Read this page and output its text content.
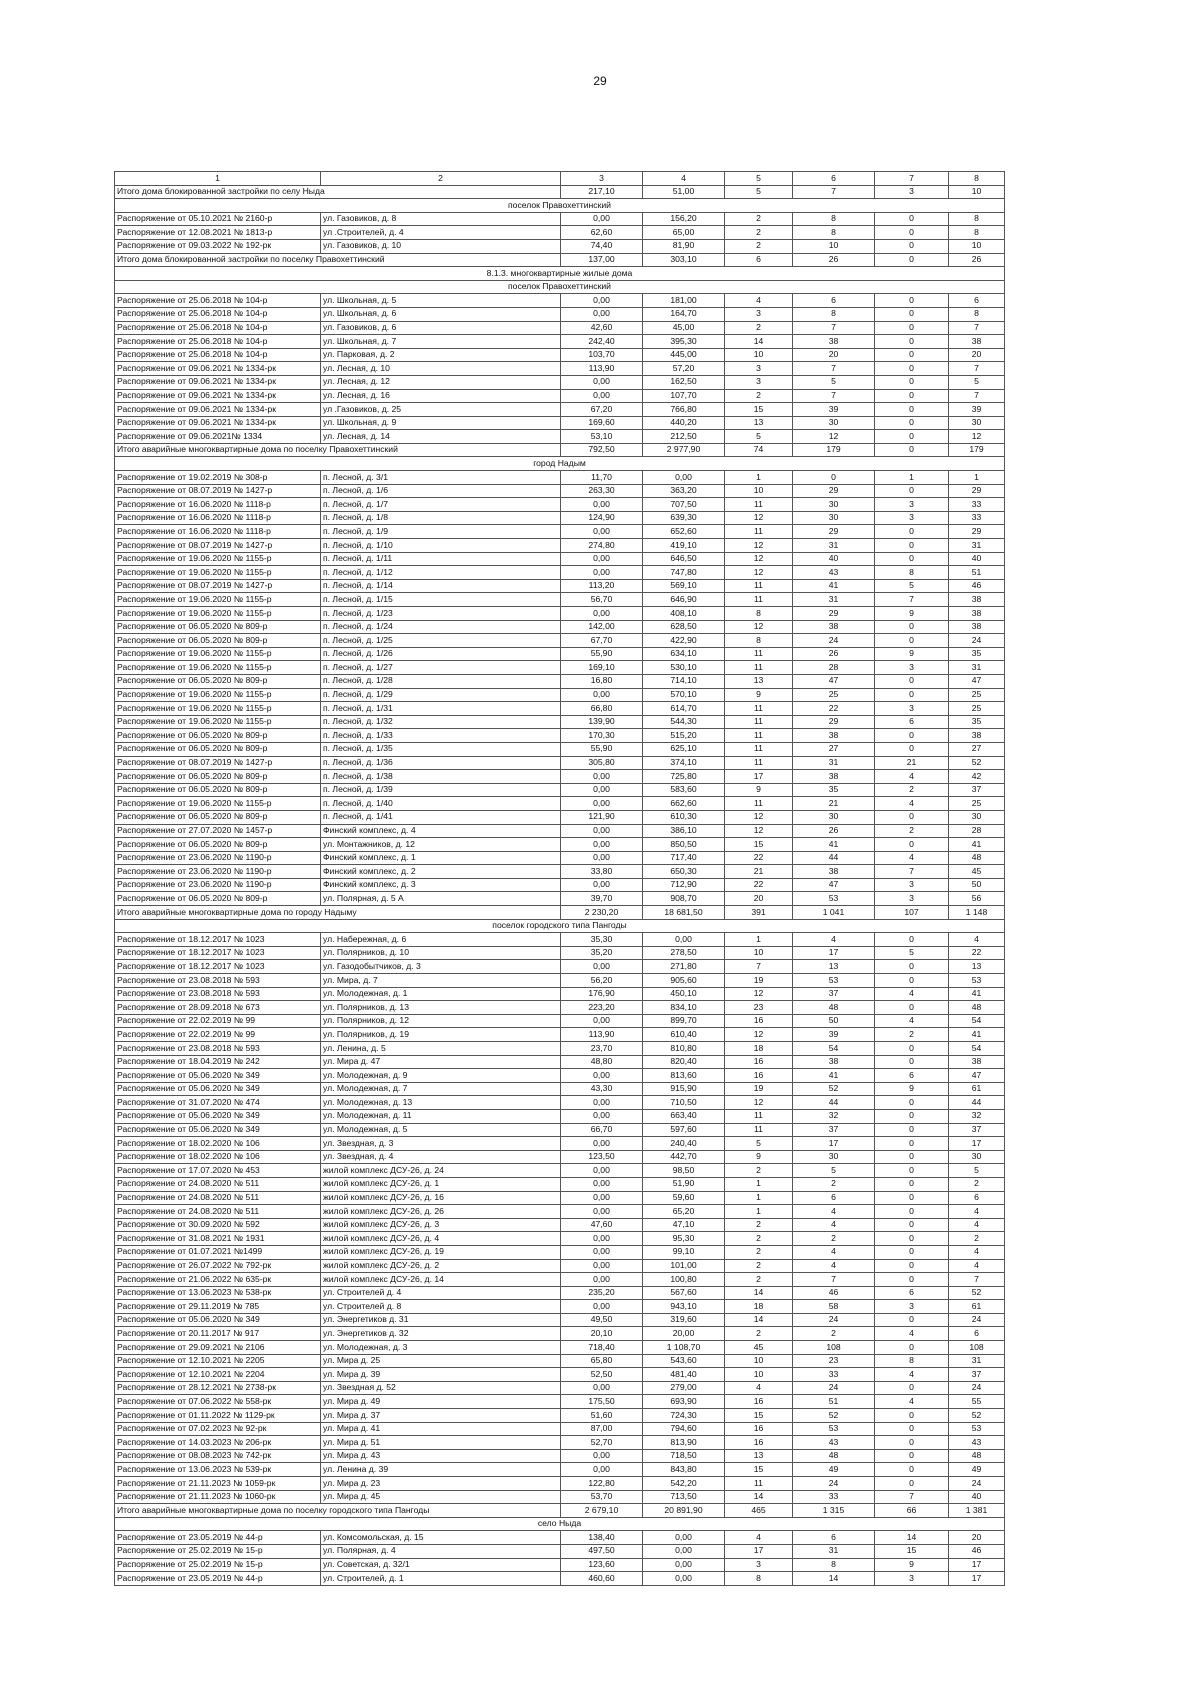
29
1	2	3	4	5	6	7	8
Итого дома блокированной застройки по селу Ныда		217,10	51,00	5	7	3	10
поселок Правохеттинский							
Распоряжение от 05.10.2021 № 2160-р	ул. Газовиков, д. 8	0,00	156,20	2	8	0	8
Распоряжение от 12.08.2021 № 1813-р	ул .Строителей, д. 4	62,60	65,00	2	8	0	8
Распоряжение от 09.03.2022 № 192-рк	ул. Газовиков, д. 10	74,40	81,90	2	10	0	10
Итого дома блокированной застройки по поселку Правохеттинский		137,00	303,10	6	26	0	26
8.1.3. многоквартирные жилые дома							
поселок Правохеттинский							
Распоряжение от 25.06.2018 № 104-р	ул. Школьная, д. 5	0,00	181,00	4	6	0	6
Распоряжение от 25.06.2018 № 104-р	ул. Школьная, д. 6	0,00	164,70	3	8	0	8
Распоряжение от 25.06.2018 № 104-р	ул. Газовиков, д. 6	42,60	45,00	2	7	0	7
Распоряжение от 25.06.2018 № 104-р	ул. Школьная, д. 7	242,40	395,30	14	38	0	38
Распоряжение от 25.06.2018 № 104-р	ул. Парковая, д. 2	103,70	445,00	10	20	0	20
Распоряжение от 09.06.2021 № 1334-рк	ул. Лесная, д. 10	113,90	57,20	3	7	0	7
Распоряжение от 09.06.2021 № 1334-рк	ул. Лесная, д. 12	0,00	162,50	3	5	0	5
Распоряжение от 09.06.2021 № 1334-рк	ул. Лесная, д. 16	0,00	107,70	2	7	0	7
Распоряжение от 09.06.2021 № 1334-рк	ул .Газовиков, д. 25	67,20	766,80	15	39	0	39
Распоряжение от 09.06.2021 № 1334-рк	ул. Школьная, д. 9	169,60	440,20	13	30	0	30
Распоряжение от 09.06.2021№ 1334	ул. Лесная, д. 14	53,10	212,50	5	12	0	12
Итого аварийные многоквартирные дома по поселку Правохеттинский		792,50	2 977,90	74	179	0	179
город Надым							
Распоряжение от 19.02.2019 № 308-р	п. Лесной, д. 3/1	11,70	0,00	1	0	1	1
Распоряжение от 08.07.2019 № 1427-р	п. Лесной, д. 1/6	263,30	363,20	10	29	0	29
Распоряжение от 16.06.2020 № 1118-р	п. Лесной, д. 1/7	0,00	707,50	11	30	3	33
Распоряжение от 16.06.2020 № 1118-р	п. Лесной, д. 1/8	124,90	639,30	12	30	3	33
Распоряжение от 16.06.2020 № 1118-р	п. Лесной, д. 1/9	0,00	652,60	11	29	0	29
Распоряжение от 08.07.2019 № 1427-р	п. Лесной, д. 1/10	274,80	419,10	12	31	0	31
Распоряжение от 19.06.2020 № 1155-р	п. Лесной, д. 1/11	0,00	646,50	12	40	0	40
Распоряжение от 19.06.2020 № 1155-р	п. Лесной, д. 1/12	0,00	747,80	12	43	8	51
Распоряжение от 08.07.2019 № 1427-р	п. Лесной, д. 1/14	113,20	569,10	11	41	5	46
Распоряжение от 19.06.2020 № 1155-р	п. Лесной, д. 1/15	56,70	646,90	11	31	7	38
Распоряжение от 19.06.2020 № 1155-р	п. Лесной, д. 1/23	0,00	408,10	8	29	9	38
Распоряжение от 06.05.2020 № 809-р	п. Лесной, д. 1/24	142,00	628,50	12	38	0	38
Распоряжение от 06.05.2020 № 809-р	п. Лесной, д. 1/25	67,70	422,90	8	24	0	24
Распоряжение от 19.06.2020 № 1155-р	п. Лесной, д. 1/26	55,90	634,10	11	26	9	35
Распоряжение от 19.06.2020 № 1155-р	п. Лесной, д. 1/27	169,10	530,10	11	28	3	31
Распоряжение от 06.05.2020 № 809-р	п. Лесной, д. 1/28	16,80	714,10	13	47	0	47
Распоряжение от 19.06.2020 № 1155-р	п. Лесной, д. 1/29	0,00	570,10	9	25	0	25
Распоряжение от 19.06.2020 № 1155-р	п. Лесной, д. 1/31	66,80	614,70	11	22	3	25
Распоряжение от 19.06.2020 № 1155-р	п. Лесной, д. 1/32	139,90	544,30	11	29	6	35
Распоряжение от 06.05.2020 № 809-р	п. Лесной, д. 1/33	170,30	515,20	11	38	0	38
Распоряжение от 06.05.2020 № 809-р	п. Лесной, д. 1/35	55,90	625,10	11	27	0	27
Распоряжение от 08.07.2019 № 1427-р	п. Лесной, д. 1/36	305,80	374,10	11	31	21	52
Распоряжение от 06.05.2020 № 809-р	п. Лесной, д. 1/38	0,00	725,80	17	38	4	42
Распоряжение от 06.05.2020 № 809-р	п. Лесной, д. 1/39	0,00	583,60	9	35	2	37
Распоряжение от 19.06.2020 № 1155-р	п. Лесной, д. 1/40	0,00	662,60	11	21	4	25
Распоряжение от 06.05.2020 № 809-р	п. Лесной, д. 1/41	121,90	610,30	12	30	0	30
Распоряжение от 27.07.2020 № 1457-р	Финский комплекс, д. 4	0,00	386,10	12	26	2	28
Распоряжение от 06.05.2020 № 809-р	ул. Монтажников, д. 12	0,00	850,50	15	41	0	41
Распоряжение от 23.06.2020 № 1190-р	Финский комплекс, д. 1	0,00	717,40	22	44	4	48
Распоряжение от 23.06.2020 № 1190-р	Финский комплекс, д. 2	33,80	650,30	21	38	7	45
Распоряжение от 23.06.2020 № 1190-р	Финский комплекс, д. 3	0,00	712,90	22	47	3	50
Распоряжение от 06.05.2020 № 809-р	ул. Полярная, д. 5 А	39,70	908,70	20	53	3	56
Итого аварийные многоквартирные дома по городу Надыму		2 230,20	18 681,50	391	1 041	107	1 148
поселок городского типа Пангоды							
Распоряжение от 18.12.2017 № 1023	ул. Набережная, д. 6	35,30	0,00	1	4	0	4
Распоряжение от 18.12.2017 № 1023	ул. Полярников, д. 10	35,20	278,50	10	17	5	22
Распоряжение от 18.12.2017 № 1023	ул. Газодобытчиков, д. 3	0,00	271,80	7	13	0	13
Распоряжение от 23.08.2018 № 593	ул. Мира, д. 7	56,20	905,60	19	53	0	53
Распоряжение от 23.08.2018 № 593	ул. Молодежная, д. 1	176,90	450,10	12	37	4	41
Распоряжение от 28.09.2018 № 673	ул. Полярников, д. 13	223,20	834,10	23	48	0	48
Распоряжение от 22.02.2019 № 99	ул. Полярников, д. 12	0,00	899,70	16	50	4	54
Распоряжение от 22.02.2019 № 99	ул. Полярников, д. 19	113,90	610,40	12	39	2	41
Распоряжение от 23.08.2018 № 593	ул. Ленина, д. 5	23,70	810,80	18	54	0	54
Распоряжение от 18.04.2019 № 242	ул. Мира д. 47	48,80	820,40	16	38	0	38
Распоряжение от 05.06.2020 № 349	ул. Молодежная, д. 9	0,00	813,60	16	41	6	47
Распоряжение от 05.06.2020 № 349	ул. Молодежная, д. 7	43,30	915,90	19	52	9	61
Распоряжение от 31.07.2020 № 474	ул. Молодежная, д. 13	0,00	710,50	12	44	0	44
Распоряжение от 05.06.2020 № 349	ул. Молодежная, д. 11	0,00	663,40	11	32	0	32
Распоряжение от 05.06.2020 № 349	ул. Молодежная, д. 5	66,70	597,60	11	37	0	37
Распоряжение от 18.02.2020 № 106	ул. Звездная, д. 3	0,00	240,40	5	17	0	17
Распоряжение от 18.02.2020 № 106	ул. Звездная, д. 4	123,50	442,70	9	30	0	30
Распоряжение от 17.07.2020 № 453	жилой комплекс ДСУ-26, д. 24	0,00	98,50	2	5	0	5
Распоряжение от 24.08.2020 № 511	жилой комплекс ДСУ-26, д. 1	0,00	51,90	1	2	0	2
Распоряжение от 24.08.2020 № 511	жилой комплекс ДСУ-26, д. 16	0,00	59,60	1	6	0	6
Распоряжение от 24.08.2020 № 511	жилой комплекс ДСУ-26, д. 26	0,00	65,20	1	4	0	4
Распоряжение от 30.09.2020 № 592	жилой комплекс ДСУ-26, д. 3	47,60	47,10	2	4	0	4
Распоряжение от 31.08.2021 № 1931	жилой комплекс ДСУ-26, д. 4	0,00	95,30	2	2	0	2
Распоряжение от 01.07.2021 №1499	жилой комплекс ДСУ-26, д. 19	0,00	99,10	2	4	0	4
Распоряжение от 26.07.2022 № 792-рк	жилой комплекс ДСУ-26, д. 2	0,00	101,00	2	4	0	4
Распоряжение от 21.06.2022 № 635-рк	жилой комплекс ДСУ-26, д. 14	0,00	100,80	2	7	0	7
Распоряжение от 13.06.2023 № 538-рк	ул. Строителей д. 4	235,20	567,60	14	46	6	52
Распоряжение от 29.11.2019 № 785	ул. Строителей д. 8	0,00	943,10	18	58	3	61
Распоряжение от 05.06.2020 № 349	ул. Энергетиков д. 31	49,50	319,60	14	24	0	24
Распоряжение от 20.11.2017 № 917	ул. Энергетиков д. 32	20,10	20,00	2	2	4	6
Распоряжение от 29.09.2021 № 2106	ул. Молодежная, д. 3	718,40	1 108,70	45	108	0	108
Распоряжение от 12.10.2021 № 2205	ул. Мира д. 25	65,80	543,60	10	23	8	31
Распоряжение от 12.10.2021 № 2204	ул. Мира д. 39	52,50	481,40	10	33	4	37
Распоряжение от 28.12.2021 № 2738-рк	ул. Звездная д. 52	0,00	279,00	4	24	0	24
Распоряжение от 07.06.2022 № 558-рк	ул. Мира д. 49	175,50	693,90	16	51	4	55
Распоряжение от 01.11.2022 № 1129-рк	ул. Мира д. 37	51,60	724,30	15	52	0	52
Распоряжение от 07.02.2023 № 92-рк	ул. Мира д. 41	87,00	794,60	16	53	0	53
Распоряжение от 14.03.2023 № 206-рк	ул. Мира д. 51	52,70	813,90	16	43	0	43
Распоряжение от 08.08.2023 № 742-рк	ул. Мира д. 43	0,00	718,50	13	48	0	48
Распоряжение от 13.06.2023 № 539-рк	ул. Ленина д. 39	0,00	843,80	15	49	0	49
Распоряжение от 21.11.2023 № 1059-рк	ул. Мира д. 23	122,80	542,20	11	24	0	24
Распоряжение от 21.11.2023 № 1060-рк	ул. Мира д. 45	53,70	713,50	14	33	7	40
Итого аварийные многоквартирные дома по поселку городского типа Пангоды		2 679,10	20 891,90	465	1 315	66	1 381
село Ныда							
Распоряжение от 23.05.2019 № 44-р	ул. Комсомольская, д. 15	138,40	0,00	4	6	14	20
Распоряжение от 25.02.2019 № 15-р	ул. Полярная, д. 4	497,50	0,00	17	31	15	46
Распоряжение от 25.02.2019 № 15-р	ул. Советская, д. 32/1	123,60	0,00	3	8	9	17
Распоряжение от 23.05.2019 № 44-р	ул. Строителей, д. 1	460,60	0,00	8	14	3	17
